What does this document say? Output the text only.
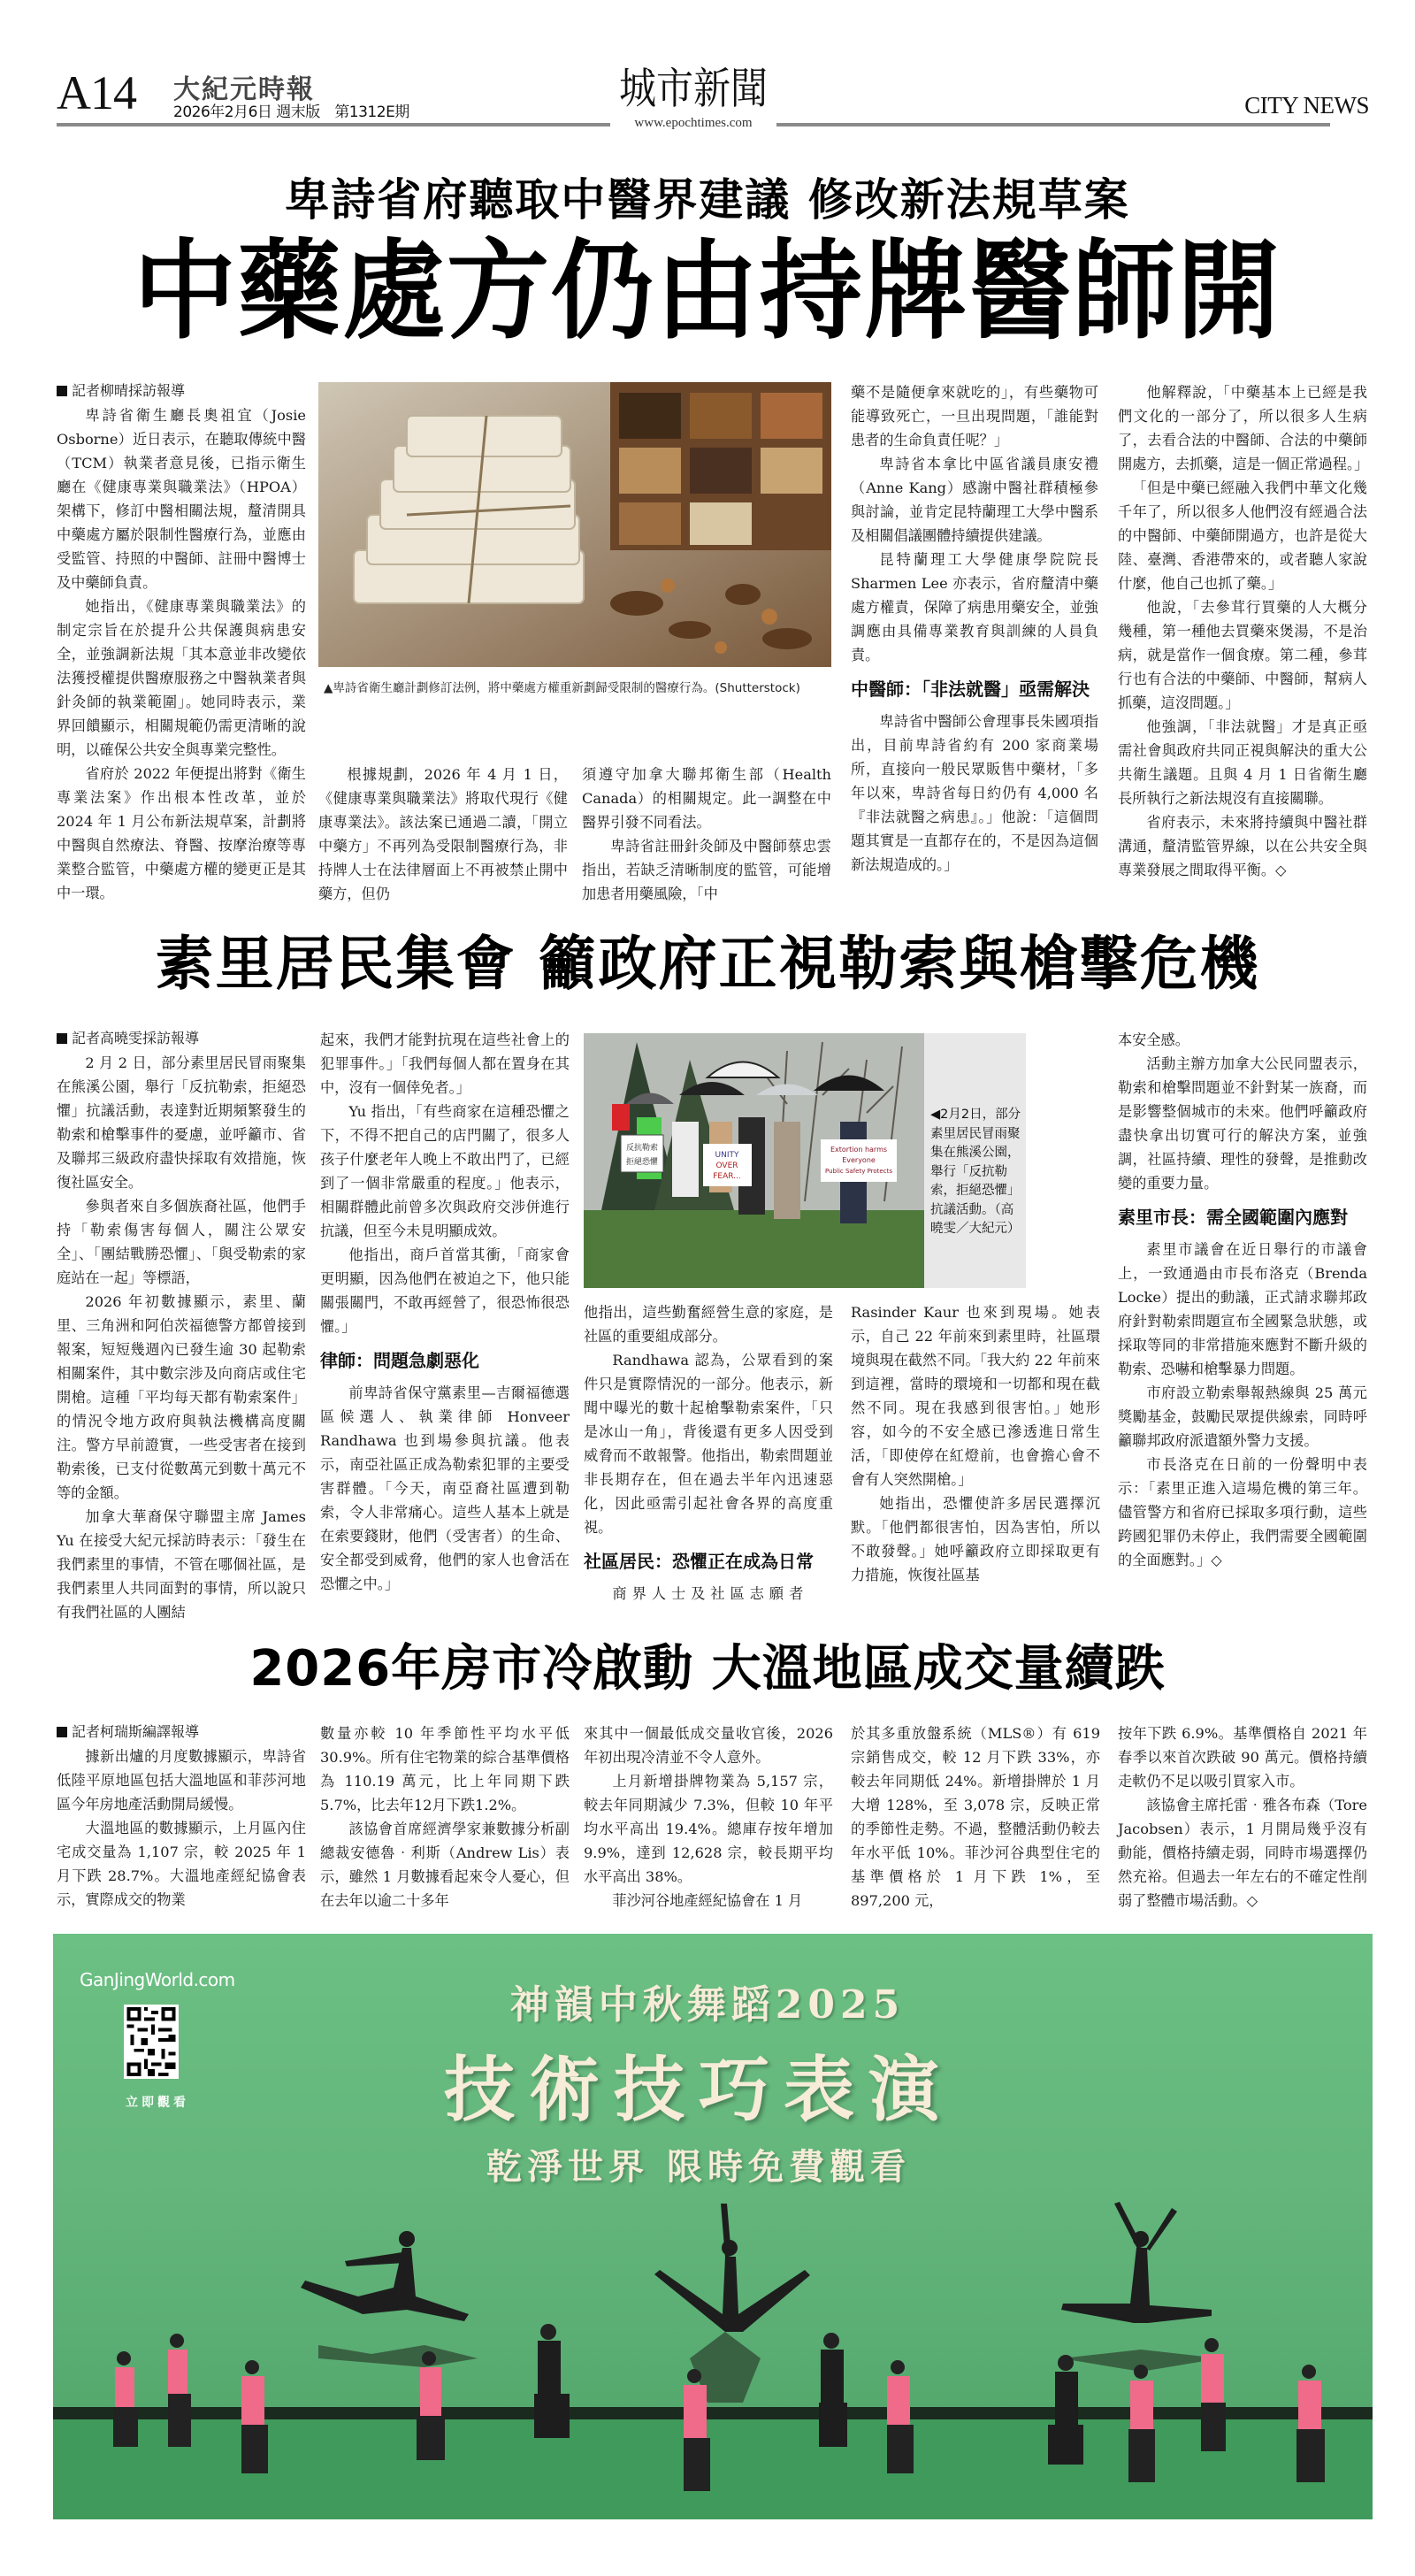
A14 大紀元時報
2026年2月6日 週末版　第1312E期	城市新聞	CITY NEWS
www.epochtimes.com
卑詩省府聽取中醫界建議 修改新法規草案
中藥處方仍由持牌醫師開

記者柳晴採訪報導

卑詩省衛生廳長奧祖宜（Josie Osborne）近日表示，在聽取傳統中醫（TCM）執業者意見後，已指示衛生廳在《健康專業與職業法》（HPOA）架構下，修訂中醫相關法規，釐清開具中藥處方屬於限制性醫療行為，並應由受監管、持照的中醫師、註冊中醫博士及中藥師負責。

她指出，《健康專業與職業法》的制定宗旨在於提升公共保護與病患安全，並強調新法規「其本意並非改變依法獲授權提供醫療服務之中醫執業者與針灸師的執業範圍」。她同時表示，業界回饋顯示，相關規範仍需更清晰的說明，以確保公共安全與專業完整性。

省府於 2022 年便提出將對《衛生專業法案》作出根本性改革，並於 2024 年 1 月公布新法規草案，計劃將中醫與自然療法、脊醫、按摩治療等專業整合監管，中藥處方權的變更正是其中一環。

▲卑詩省衛生廳計劃修訂法例，將中藥處方權重新劃歸受限制的醫療行為。(Shutterstock)

根據規劃，2026 年 4 月 1 日，《健康專業與職業法》將取代現行《健康專業法》。該法案已通過二讀，「開立中藥方」不再列為受限制醫療行為，非持牌人士在法律層面上不再被禁止開中藥方，但仍

須遵守加拿大聯邦衛生部（Health Canada）的相關規定。此一調整在中醫界引發不同看法。

卑詩省註冊針灸師及中醫師蔡忠雲指出，若缺乏清晰制度的監管，可能增加患者用藥風險，「中

藥不是隨便拿來就吃的」，有些藥物可能導致死亡，一旦出現問題，「誰能對患者的生命負責任呢？」

卑詩省本拿比中區省議員康安禮（Anne Kang）感謝中醫社群積極參與討論，並肯定昆特蘭理工大學中醫系及相關倡議團體持續提供建議。

昆特蘭理工大學健康學院院長 Sharmen Lee 亦表示，省府釐清中藥處方權責，保障了病患用藥安全，並強調應由具備專業教育與訓練的人員負責。

中醫師：「非法就醫」亟需解決

卑詩省中醫師公會理事長朱國項指出，目前卑詩省約有 200 家商業場所，直接向一般民眾販售中藥材，「多年以來，卑詩省每日約仍有 4,000 名『非法就醫之病患』。」他說：「這個問題其實是一直都存在的，不是因為這個新法規造成的。」

他解釋說，「中藥基本上已經是我們文化的一部分了，所以很多人生病了，去看合法的中醫師、合法的中藥師開處方，去抓藥，這是一個正常過程。」

「但是中藥已經融入我們中華文化幾千年了，所以很多人他們沒有經過合法的中醫師、中藥師開過方，也許是從大陸、臺灣、香港帶來的，或者聽人家說什麼，他自己也抓了藥。」

他說，「去參茸行買藥的人大概分幾種，第一種他去買藥來煲湯，不是治病，就是當作一個食療。第二種，參茸行也有合法的中藥師、中醫師，幫病人抓藥，這沒問題。」

他強調，「非法就醫」才是真正亟需社會與政府共同正視與解決的重大公共衛生議題。且與 4 月 1 日省衛生廳長所執行之新法規沒有直接關聯。

省府表示，未來將持續與中醫社群溝通，釐清監管界線，以在公共安全與專業發展之間取得平衡。◇

素里居民集會 籲政府正視勒索與槍擊危機

記者高曉雯採訪報導

2 月 2 日，部分素里居民冒雨聚集在熊溪公園，舉行「反抗勒索，拒絕恐懼」抗議活動，表達對近期頻繁發生的勒索和槍擊事件的憂慮，並呼籲市、省及聯邦三級政府盡快採取有效措施，恢復社區安全。

參與者來自多個族裔社區，他們手持「勒索傷害每個人，關注公眾安全」、「團結戰勝恐懼」、「與受勒索的家庭站在一起」等標語，

2026 年初數據顯示，素里、蘭里、三角洲和阿伯茨福德警方都曾接到報案，短短幾週內已發生逾 30 起勒索相關案件，其中數宗涉及向商店或住宅開槍。這種「平均每天都有勒索案件」的情況令地方政府與執法機構高度關注。警方早前證實，一些受害者在接到勒索後，已支付從數萬元到數十萬元不等的金額。

加拿大華裔保守聯盟主席 James Yu 在接受大紀元採訪時表示：「發生在我們素里的事情，不管在哪個社區，是我們素里人共同面對的事情，所以說只有我們社區的人團結

起來，我們才能對抗現在這些社會上的犯罪事件。」「我們每個人都在置身在其中，沒有一個倖免者。」

Yu 指出，「有些商家在這種恐懼之下，不得不把自己的店門關了，很多人孩子什麼老年人晚上不敢出門了，已經到了一個非常嚴重的程度。」他表示，相關群體此前曾多次與政府交涉併進行抗議，但至今未見明顯成效。

他指出，商戶首當其衝，「商家會更明顯，因為他們在被迫之下，他只能關張關門，不敢再經營了，很恐怖很恐懼。」

律師：問題急劇惡化

前卑詩省保守黨素里—吉爾福德選區候選人、執業律師 Honveer Randhawa 也到場參與抗議。他表示，南亞社區正成為勒索犯罪的主要受害群體。「今天，南亞裔社區遭到勒索，令人非常痛心。這些人基本上就是在索要錢財，他們（受害者）的生命、安全都受到威脅，他們的家人也會活在恐懼之中。」

反抗勒索
拒絕恐懼
UNITY
OVER
FEAR...
Extortion harms
Everyone
Public Safety Protects
◀2月2日，部分素里居民冒雨聚集在熊溪公園，舉行「反抗勒索，拒絕恐懼」抗議活動。（高曉雯／大紀元）

他指出，這些勤奮經營生意的家庭，是社區的重要組成部分。

Randhawa 認為，公眾看到的案件只是實際情況的一部分。他表示，新聞中曝光的數十起槍擊勒索案件，「只是冰山一角」，背後還有更多人因受到威脅而不敢報警。他指出，勒索問題並非長期存在，但在過去半年內迅速惡化，因此亟需引起社會各界的高度重視。

社區居民：恐懼正在成為日常

商界人士及社區志願者

Rasinder Kaur 也來到現場。她表示，自己 22 年前來到素里時，社區環境與現在截然不同。「我大約 22 年前來到這裡，當時的環境和一切都和現在截然不同。現在我感到很害怕。」她形容，如今的不安全感已滲透進日常生活，「即使停在紅燈前，也會擔心會不會有人突然開槍。」

她指出，恐懼使許多居民選擇沉默。「他們都很害怕，因為害怕，所以不敢發聲。」她呼籲政府立即採取更有力措施，恢復社區基

本安全感。

活動主辦方加拿大公民同盟表示，勒索和槍擊問題並不針對某一族裔，而是影響整個城市的未來。他們呼籲政府盡快拿出切實可行的解決方案，並強調，社區持續、理性的發聲，是推動改變的重要力量。

素里市長：需全國範圍內應對

素里市議會在近日舉行的市議會上，一致通過由市長布洛克（Brenda Locke）提出的動議，正式請求聯邦政府針對勒索問題宣布全國緊急狀態，或採取等同的非常措施來應對不斷升級的勒索、恐嚇和槍擊暴力問題。

市府設立勒索舉報熱線與 25 萬元獎勵基金，鼓勵民眾提供線索，同時呼籲聯邦政府派遣額外警力支援。

市長洛克在日前的一份聲明中表示：「素里正進入這場危機的第三年。儘管警方和省府已採取多項行動，這些跨國犯罪仍未停止，我們需要全國範圍的全面應對。」◇

2026年房市冷啟動 大溫地區成交量續跌

記者柯瑞斯編譯報導

據新出爐的月度數據顯示，卑詩省低陸平原地區包括大溫地區和菲莎河地區今年房地產活動開局緩慢。

大溫地區的數據顯示，上月區內住宅成交量為 1,107 宗，較 2025 年 1 月下跌 28.7%。大溫地產經紀協會表示，實際成交的物業

數量亦較 10 年季節性平均水平低 30.9%。所有住宅物業的綜合基準價格為 110.19 萬元，比上年同期下跌5.7%，比去年12月下跌1.2%。

該協會首席經濟學家兼數據分析副總裁安德魯‧利斯（Andrew Lis）表示，雖然 1 月數據看起來令人憂心，但在去年以逾二十多年

來其中一個最低成交量收官後，2026年初出現冷清並不令人意外。

上月新增掛牌物業為 5,157 宗，較去年同期減少 7.3%，但較 10 年平均水平高出 19.4%。總庫存按年增加 9.9%，達到 12,628 宗，較長期平均水平高出 38%。

菲沙河谷地產經紀協會在 1 月

於其多重放盤系統（MLS®）有 619 宗銷售成交，較 12 月下跌 33%，亦較去年同期低 24%。新增掛牌於 1 月大增 128%，至 3,078 宗，反映正常的季節性走勢。不過，整體活動仍較去年水平低 10%。菲沙河谷典型住宅的基準價格於 1 月下跌 1%，至 897,200 元，

按年下跌 6.9%。基準價格自 2021 年春季以來首次跌破 90 萬元。價格持續走軟仍不足以吸引買家入市。

該協會主席托雷‧雅各布森（Tore Jacobsen）表示，1 月開局幾乎沒有動能，價格持續走弱，同時市場選擇仍然充裕。但過去一年左右的不確定性削弱了整體市場活動。◇

GanJingWorld.com
立即觀看
神韻中秋舞蹈2025
技術技巧表演
乾淨世界 限時免費觀看
